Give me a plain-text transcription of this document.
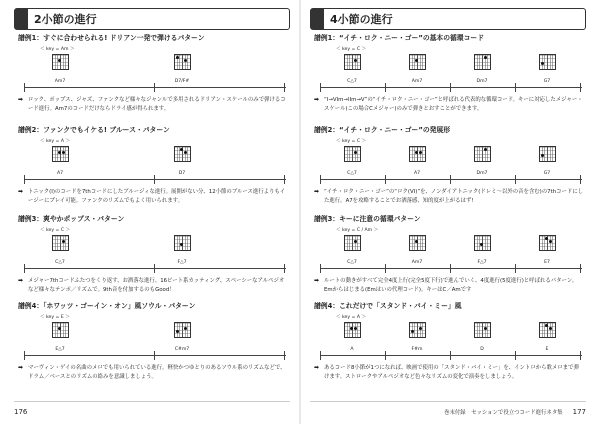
2小節の進行
譜例1：すぐに合わせられる! ドリアン一発で弾けるパターン
＜ key = Am ＞
Am7	D7/F#
➡ ロック、ポップス、ジャズ、ファンクなど様々なジャンルで多用されるドリアン・スケールのみで弾けるコード進行。Am7のコードだけならドライ感が得られます。
譜例2：ファンクでもイケる! ブルース・パターン
＜ key = A ＞
A7	D7
➡ トニック(I)のコードを7thコードにしたブルージィな進行。展開がない分、12小節のブルース進行よりもイージーにプレイ可能。ファンクのリズムでもよく用いられます。
譜例3：爽やかポップス・パターン
＜ key = C ＞
C△7	F△7
➡ メジャー7thコードふたつをくり返す、お洒落な進行。16ビート系カッティング、スペーシーなアルペジオなど様々なテンポ／リズムで。9th音を付加するのもGood！
譜例4：「ホワッツ・ゴーイン・オン」風ソウル・パターン
＜ key = E ＞
E△7	C#m7
➡ マーヴィン・ゲイの名曲のメロでも用いられている進行。軽快かつゆとりのあるソウル系のリズムなどで、ドラム／ベースとのリズムの絡みを意識しましょう。
176
4小節の進行
譜例1：“イチ・ロク・ニー・ゴー”の基本の循環コード
＜ key = C ＞
C△7	Am7	Dm7	G7
➡ “I→VIm→IIm→V”の“イチ・ロク・ニー・ゴー”と呼ばれる代表的な循環コード。キーに対応したメジャー・スケール(この場合Cメジャー)のみで弾きとおすことができます。
譜例2：“イチ・ロク・ニー・ゴー”の発展形
＜ key = C ＞
C△7	A7	Dm7	G7
➡ “イチ・ロク・ニー・ゴー”の“ロク(VI)”を、ノンダイアトニック(ドレミ～以外の音を含む)の7thコードにした進行。A7を攻略することでお洒落感、知的度が上がるはず!
譜例3：キーに注意の循環パターン
＜ key = C / Am ＞
C△7	Am7	F△7	E7
➡ ルートの動きがすべて完全4度上行(完全5度下行)で進んでいく、4度進行(5度進行)と呼ばれるパターン。Emからはじまる(Emはいの代理コード)。キーはC／Amです
譜例4：これだけで「スタンド・バイ・ミー」風
＜ key = A ＞
A	F#m	D	E
➡ あるコード8小節が1つになれば、映画で使用の「スタンド・バイ・ミー」を、イントロから歌メロまで弾けます。ストロークやアルペジオなど色々なリズムの変化で演奏をしましょう。
巻末付録　セッションで役立つコード進行ネタ集 177
